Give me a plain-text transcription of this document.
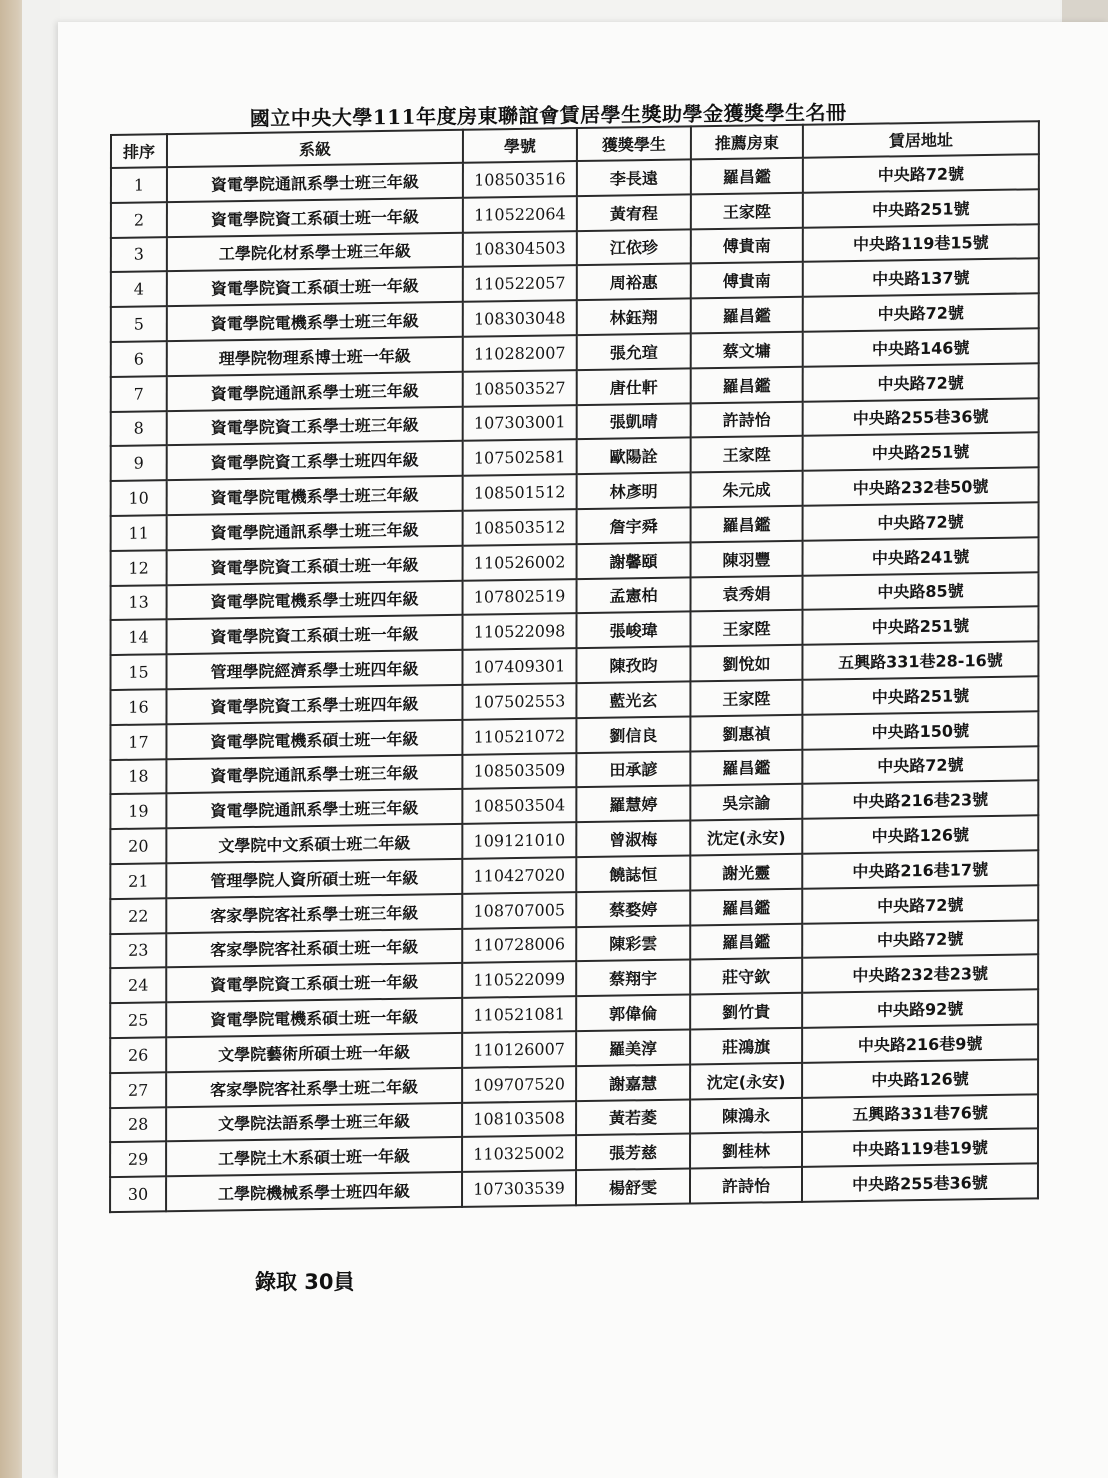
國立中央大學111年度房東聯誼會賃居學生獎助學金獲獎學生名冊
排序	系級	學號	獲獎學生	推薦房東	賃居地址
1	資電學院通訊系學士班三年級	108503516	李長遠	羅昌鑑	中央路72號
2	資電學院資工系碩士班一年級	110522064	黃宥程	王家陞	中央路251號
3	工學院化材系學士班三年級	108304503	江依珍	傅貴南	中央路119巷15號
4	資電學院資工系碩士班一年級	110522057	周裕惠	傅貴南	中央路137號
5	資電學院電機系學士班三年級	108303048	林鈺翔	羅昌鑑	中央路72號
6	理學院物理系博士班一年級	110282007	張允瑄	蔡文墉	中央路146號
7	資電學院通訊系學士班三年級	108503527	唐仕軒	羅昌鑑	中央路72號
8	資電學院資工系學士班三年級	107303001	張凱晴	許詩怡	中央路255巷36號
9	資電學院資工系學士班四年級	107502581	歐陽詮	王家陞	中央路251號
10	資電學院電機系學士班三年級	108501512	林彥明	朱元成	中央路232巷50號
11	資電學院通訊系學士班三年級	108503512	詹宇舜	羅昌鑑	中央路72號
12	資電學院資工系碩士班一年級	110526002	謝馨頤	陳羽豐	中央路241號
13	資電學院電機系學士班四年級	107802519	孟憲柏	袁秀娟	中央路85號
14	資電學院資工系碩士班一年級	110522098	張峻瑋	王家陞	中央路251號
15	管理學院經濟系學士班四年級	107409301	陳孜昀	劉悅如	五興路331巷28-16號
16	資電學院資工系學士班四年級	107502553	藍光玄	王家陞	中央路251號
17	資電學院電機系碩士班一年級	110521072	劉信良	劉惠禎	中央路150號
18	資電學院通訊系學士班三年級	108503509	田承諺	羅昌鑑	中央路72號
19	資電學院通訊系學士班三年級	108503504	羅慧婷	吳宗諭	中央路216巷23號
20	文學院中文系碩士班二年級	109121010	曾淑梅	沈定(永安)	中央路126號
21	管理學院人資所碩士班一年級	110427020	饒誌恒	謝光靈	中央路216巷17號
22	客家學院客社系學士班三年級	108707005	蔡婺婷	羅昌鑑	中央路72號
23	客家學院客社系碩士班一年級	110728006	陳彩雲	羅昌鑑	中央路72號
24	資電學院資工系碩士班一年級	110522099	蔡翔宇	莊守欽	中央路232巷23號
25	資電學院電機系碩士班一年級	110521081	郭偉倫	劉竹貴	中央路92號
26	文學院藝術所碩士班一年級	110126007	羅美淳	莊鴻旗	中央路216巷9號
27	客家學院客社系學士班二年級	109707520	謝嘉慧	沈定(永安)	中央路126號
28	文學院法語系學士班三年級	108103508	黃若菱	陳鴻永	五興路331巷76號
29	工學院土木系碩士班一年級	110325002	張芳慈	劉桂林	中央路119巷19號
30	工學院機械系學士班四年級	107303539	楊舒雯	許詩怡	中央路255巷36號
錄取 30員
